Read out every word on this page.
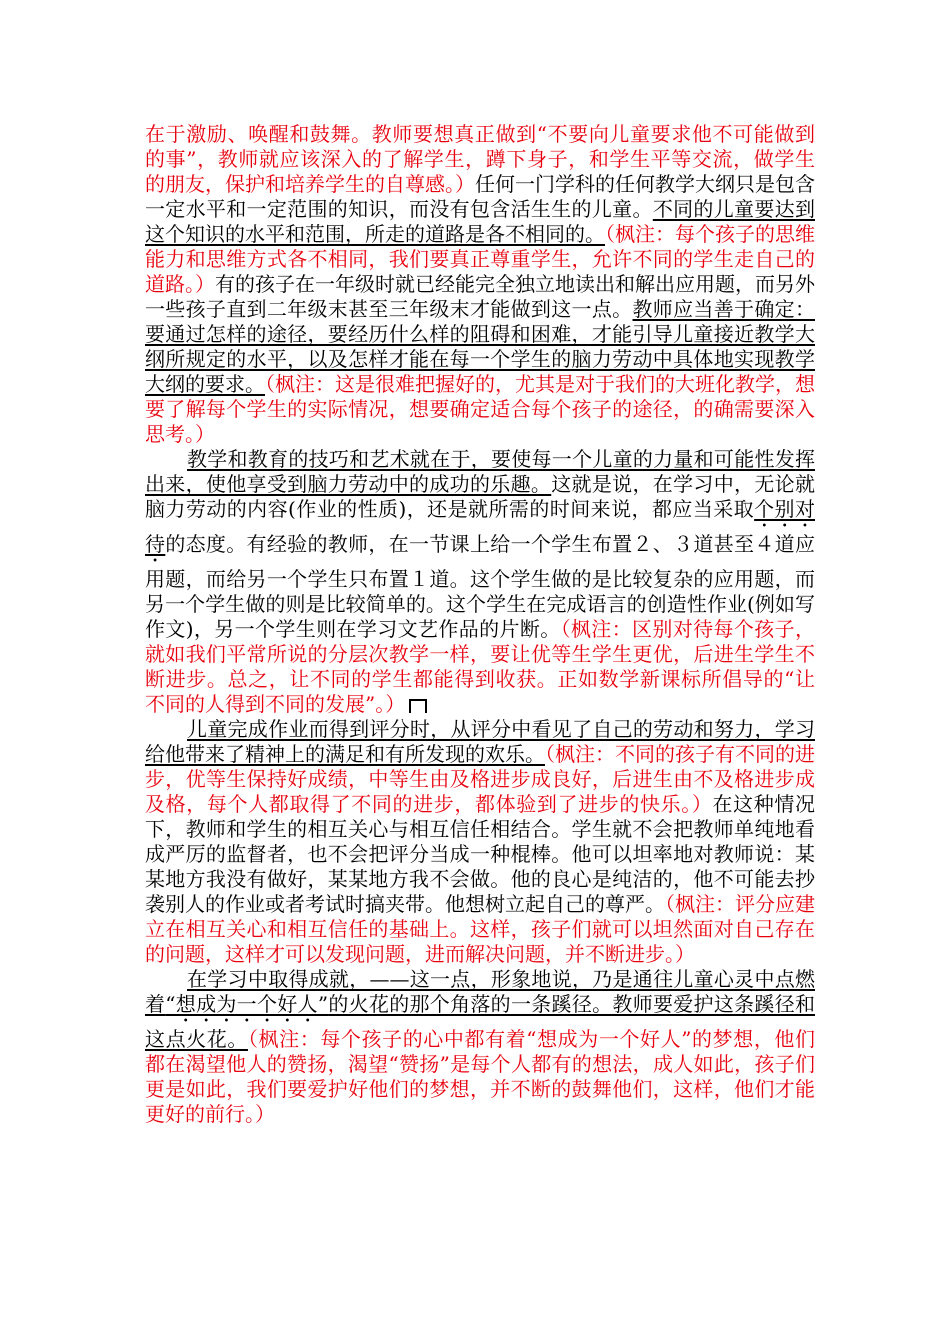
在于激励、唤醒和鼓舞。教师要想真正做到“不要向儿童要求他不可能做到的事”，教师就应该深入的了解学生，蹲下身子，和学生平等交流，做学生的朋友，保护和培养学生的自尊感。）任何一门学科的任何教学大纲只是包含一定水平和一定范围的知识，而没有包含活生生的儿童。不同的儿童要达到这个知识的水平和范围，所走的道路是各不相同的。（枫注：每个孩子的思维能力和思维方式各不相同，我们要真正尊重学生，允许不同的学生走自己的道路。）有的孩子在一年级时就已经能完全独立地读出和解出应用题，而另外一些孩子直到二年级末甚至三年级末才能做到这一点。教师应当善于确定：要通过怎样的途径，要经历什么样的阻碍和困难，才能引导儿童接近教学大纲所规定的水平，以及怎样才能在每一个学生的脑力劳动中具体地实现教学大纲的要求。（枫注：这是很难把握好的，尤其是对于我们的大班化教学，想要了解每个学生的实际情况，想要确定适合每个孩子的途径，的确需要深入思考。）

教学和教育的技巧和艺术就在于，要使每一个儿童的力量和可能性发挥出来，使他享受到脑力劳动中的成功的乐趣。这就是说，在学习中，无论就脑力劳动的内容(作业的性质)，还是就所需的时间来说，都应当采取个别对待的态度。有经验的教师，在一节课上给一个学生布置２、３道甚至４道应用题，而给另一个学生只布置１道。这个学生做的是比较复杂的应用题，而另一个学生做的则是比较简单的。这个学生在完成语言的创造性作业(例如写作文)，另一个学生则在学习文艺作品的片断。（枫注：区别对待每个孩子，就如我们平常所说的分层次教学一样，要让优等生学生更优，后进生学生不断进步。总之，让不同的学生都能得到收获。正如数学新课标所倡导的“让不同的人得到不同的发展”。）

儿童完成作业而得到评分时，从评分中看见了自己的劳动和努力，学习给他带来了精神上的满足和有所发现的欢乐。（枫注：不同的孩子有不同的进步，优等生保持好成绩，中等生由及格进步成良好，后进生由不及格进步成及格，每个人都取得了不同的进步，都体验到了进步的快乐。）在这种情况下，教师和学生的相互关心与相互信任相结合。学生就不会把教师单纯地看成严厉的监督者，也不会把评分当成一种棍棒。他可以坦率地对教师说：某某地方我没有做好，某某地方我不会做。他的良心是纯洁的，他不可能去抄袭别人的作业或者考试时搞夹带。他想树立起自己的尊严。（枫注：评分应建立在相互关心和相互信任的基础上。这样，孩子们就可以坦然面对自己存在的问题，这样才可以发现问题，进而解决问题，并不断进步。）

在学习中取得成就，——这一点，形象地说，乃是通往儿童心灵中点燃着“想成为一个好人”的火花的那个角落的一条蹊径。教师要爱护这条蹊径和这点火花。（枫注：每个孩子的心中都有着“想成为一个好人”的梦想，他们都在渴望他人的赞扬，渴望“赞扬”是每个人都有的想法，成人如此，孩子们更是如此，我们要爱护好他们的梦想，并不断的鼓舞他们，这样，他们才能更好的前行。）
